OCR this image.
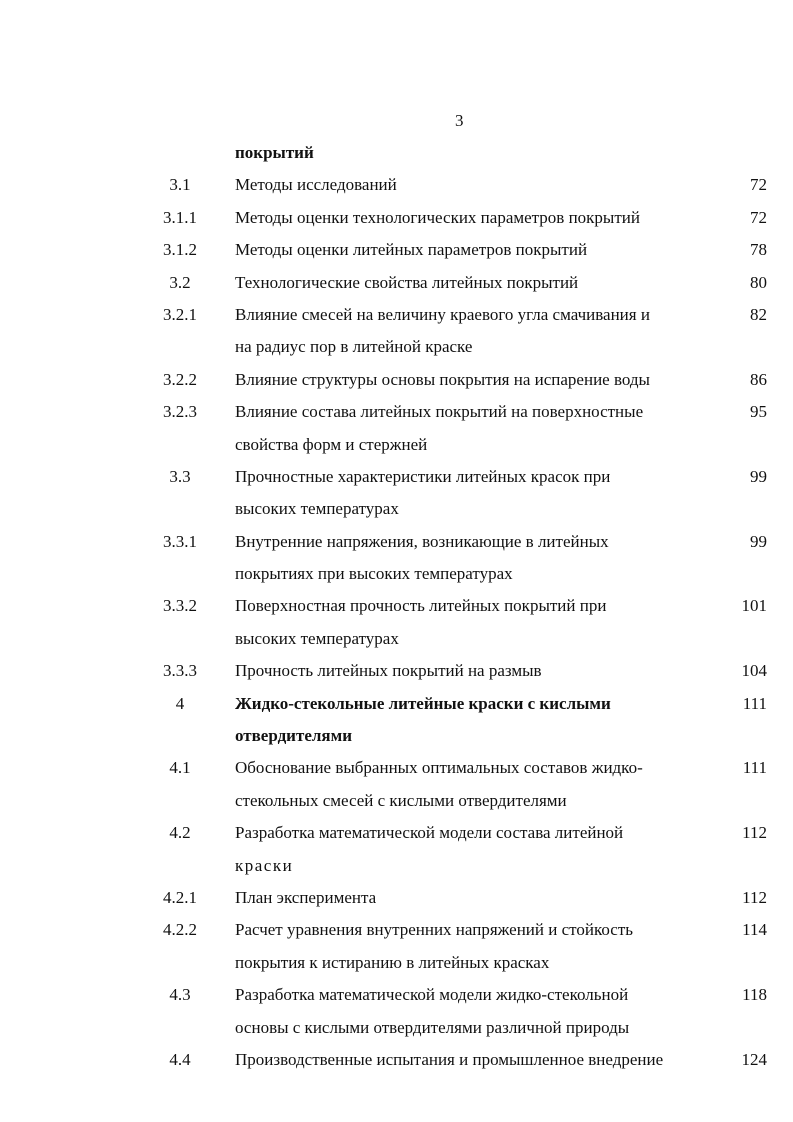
3
покрытий
3.1	Методы исследований	72
3.1.1	Методы оценки технологических параметров покрытий	72
3.1.2	Методы оценки литейных параметров покрытий	78
3.2	Технологические свойства литейных покрытий	80
3.2.1	Влияние смесей на величину краевого угла смачивания и	82
на радиус пор в литейной краске
3.2.2	Влияние структуры основы покрытия на испарение воды	86
3.2.3	Влияние состава литейных покрытий на поверхностные	95
свойства форм и стержней
3.3	Прочностные характеристики литейных красок при	99
высоких температурах
3.3.1	Внутренние напряжения, возникающие в литейных	99
покрытиях при высоких температурах
3.3.2	Поверхностная прочность литейных покрытий при	101
высоких температурах
3.3.3	Прочность литейных покрытий на размыв	104
4	Жидко-стекольные литейные краски с кислыми	111
отвердителями
4.1	Обоснование выбранных оптимальных составов жидко-	111
стекольных смесей с кислыми отвердителями
4.2	Разработка математической модели состава литейной	112
краски
4.2.1	План эксперимента	112
4.2.2	Расчет уравнения внутренних напряжений и стойкость	114
покрытия к истиранию в литейных красках
4.3	Разработка математической модели жидко-стекольной	118
основы с кислыми отвердителями различной природы
4.4	Производственные испытания и промышленное внедрение	124
